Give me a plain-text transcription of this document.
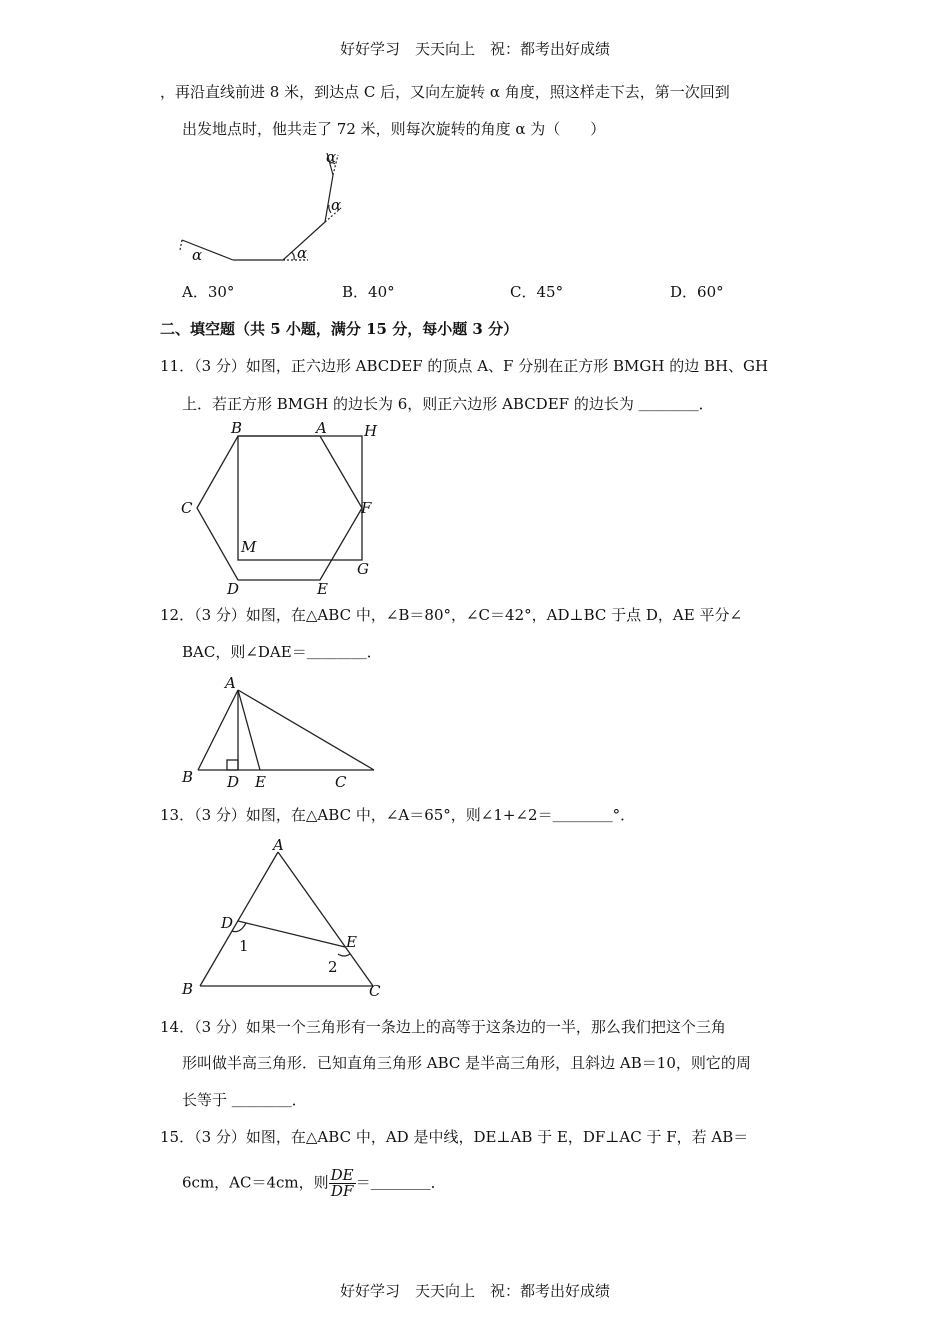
好好学习　天天向上　祝：都考出好成绩
，再沿直线前进 8 米，到达点 C 后，又向左旋转 α 角度，照这样走下去，第一次回到
出发地点时，他共走了 72 米，则每次旋转的角度 α 为（　　）
α	α
α
α
A．30°	B．40°	C．45°	D．60°
二、填空题（共 5 小题，满分 15 分，每小题 3 分）
11．（3 分）如图，正六边形 ABCDEF 的顶点 A、F 分别在正方形 BMGH 的边 BH、GH
上．若正方形 BMGH 的边长为 6，则正六边形 ABCDEF 的边长为 ＿＿＿＿．
B	A H
C	F
M
G
D	E
12．（3 分）如图，在△ABC 中，∠B＝80°，∠C＝42°，AD⊥BC 于点 D，AE 平分∠
BAC，则∠DAE＝＿＿＿＿．
A
B D E	C
13．（3 分）如图，在△ABC 中，∠A＝65°，则∠1+∠2＝＿＿＿＿°．
A
D
E
B	C
1
2
14．（3 分）如果一个三角形有一条边上的高等于这条边的一半，那么我们把这个三角
形叫做半高三角形．已知直角三角形 ABC 是半高三角形，且斜边 AB＝10，则它的周
长等于 ＿＿＿＿．
15．（3 分）如图，在△ABC 中，AD 是中线，DE⊥AB 于 E，DF⊥AC 于 F，若 AB＝
6cm，AC＝4cm，则 $\frac{DE}{DF}$ ＝＿＿＿＿．
好好学习　天天向上　祝：都考出好成绩
